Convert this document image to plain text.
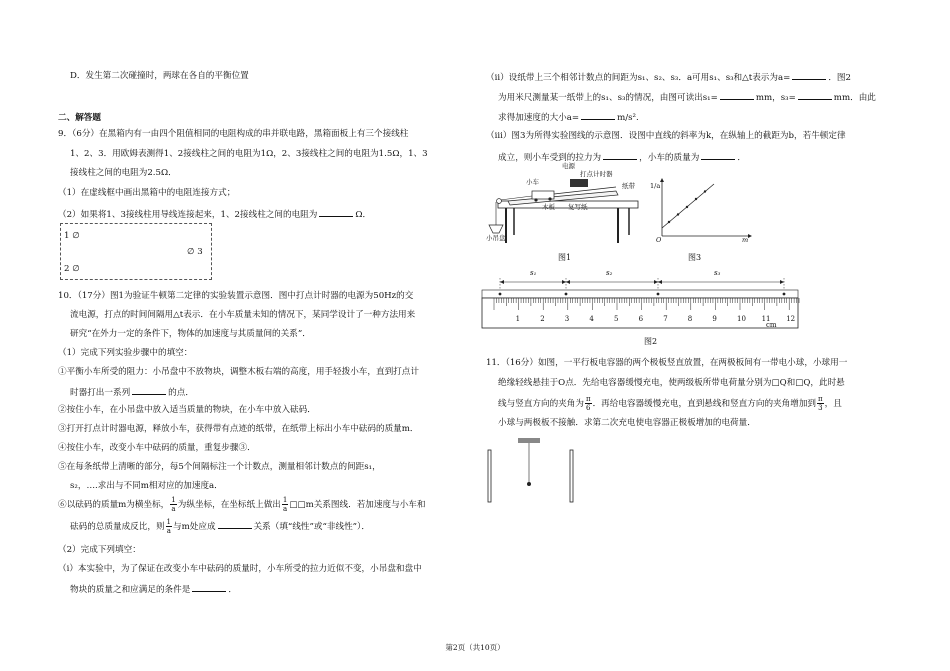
D．发生第二次碰撞时，两球在各自的平衡位置

二、解答题

9．（6分）在黑箱内有一由四个阻值相同的电阻构成的串并联电路，黑箱面板上有三个接线柱

1、2、3．用欧姆表测得1、2接线柱之间的电阻为1Ω，2、3接线柱之间的电阻为1.5Ω，1、3

接线柱之间的电阻为2.5Ω．

（1）在虚线框中画出黑箱中的电阻连接方式；

（2）如果将1、3接线柱用导线连接起来，1、2接线柱之间的电阻为	Ω．

1 ∅
2 ∅
∅ 3

10．（17分）图1为验证牛顿第二定律的实验装置示意图．图中打点计时器的电源为50Hz的交

流电源，打点的时间间隔用△t表示．在小车质量未知的情况下，某同学设计了一种方法用来

研究“在外力一定的条件下，物体的加速度与其质量间的关系”．

（1）完成下列实验步骤中的填空：

①平衡小车所受的阻力：小吊盘中不放物块，调整木板右端的高度，用手轻拨小车，直到打点计

时器打出一系列	的点．

②按住小车，在小吊盘中放入适当质量的物块，在小车中放入砝码．

③打开打点计时器电源，释放小车，获得带有点迹的纸带，在纸带上标出小车中砝码的质量m．

④按住小车，改变小车中砝码的质量，重复步骤③．

⑤在每条纸带上清晰的部分，每5个间隔标注一个计数点，测量相邻计数点的间距s₁，

s₂，….求出与不同m相对应的加速度a．

⑥以砝码的质量m为横坐标， $\frac{1}{a}$ 为纵坐标，在坐标纸上做出 $\frac{1}{a}$ □□m关系图线．若加速度与小车和

砝码的总质量成反比，则 $\frac{1}{a}$ 与m处应成	关系（填“线性”或“非线性”）．

（2）完成下列填空：

（i）本实验中，为了保证在改变小车中砝码的质量时，小车所受的拉力近似不变，小吊盘和盘中

物块的质量之和应满足的条件是	．

（ii）设纸带上三个相邻计数点的间距为s₁、s₂、s₃．a可用s₁、s₃和△t表示为a=	．图2

为用米尺测量某一纸带上的s₁、s₃的情况，由图可读出s₁=	mm，s₃=	mm．由此

求得加速度的大小a=	m/s².

（iii）图3为所得实验图线的示意图．设图中直线的斜率为k，在纵轴上的截距为b，若牛顿定律

成立，则小车受到的拉力为	，小车的质量为	．

电源
打点计时器
小车	纸带
木板 复写纸
小吊盘
图1
1/a
m
O
图3
s₁	s₂	s₃
1	2	3	4	5	6	7	8	9	10 11 12
cm
图2

11．（16分）如图，一平行板电容器的两个极板竖直放置，在两极板间有一带电小球，小球用一

绝缘轻线悬挂于O点．先给电容器缓慢充电，使两级板所带电荷量分别为□Q和□Q，此时悬

线与竖直方向的夹角为 $\frac{\pi}{6}$ ．再给电容器缓慢充电，直到悬线和竖直方向的夹角增加到 $\frac{\pi}{3}$ ，且

小球与两极板不接触．求第二次充电使电容器正极板增加的电荷量．

第2页（共10页）
